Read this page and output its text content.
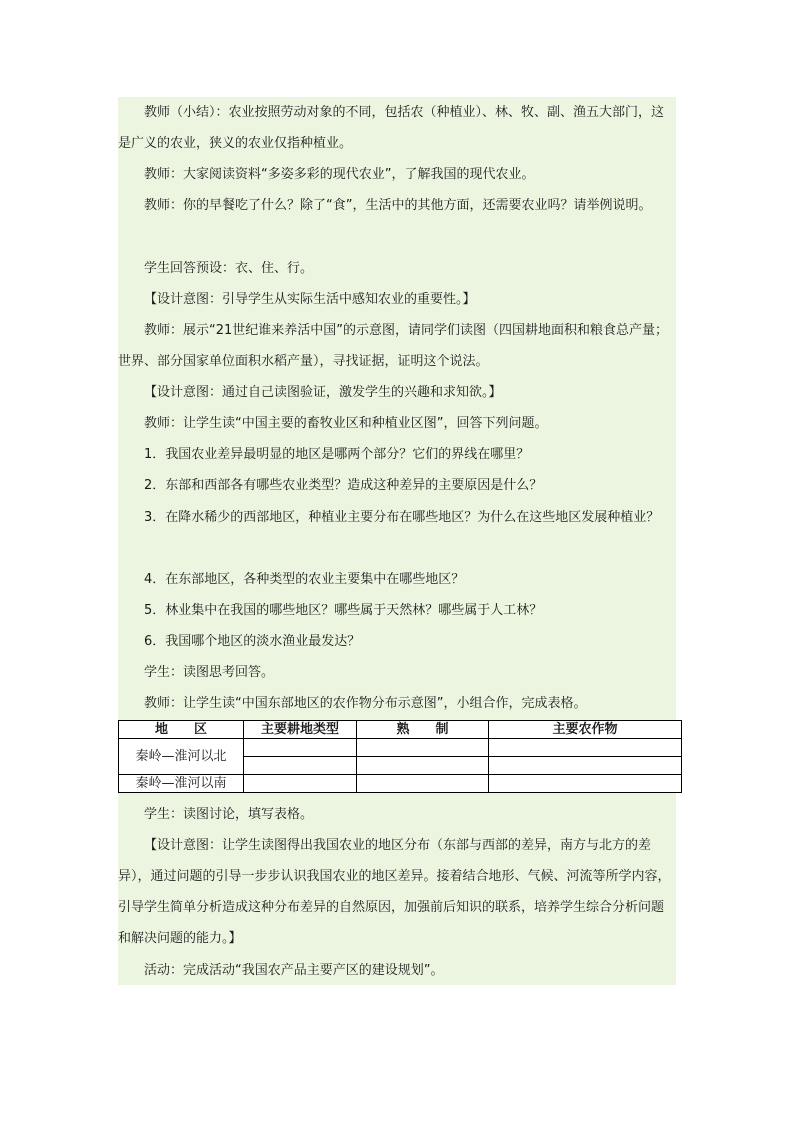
教师（小结）：农业按照劳动对象的不同，包括农（种植业）、林、牧、副、渔五大部门，这是广义的农业，狭义的农业仅指种植业。

教师：大家阅读资料“多姿多彩的现代农业”，了解我国的现代农业。

教师：你的早餐吃了什么？除了“食”，生活中的其他方面，还需要农业吗？请举例说明。

学生回答预设：衣、住、行。

【设计意图：引导学生从实际生活中感知农业的重要性。】

教师：展示“21世纪谁来养活中国”的示意图，请同学们读图（四国耕地面积和粮食总产量；世界、部分国家单位面积水稻产量），寻找证据，证明这个说法。

【设计意图：通过自己读图验证，激发学生的兴趣和求知欲。】

教师：让学生读“中国主要的畜牧业区和种植业区图”，回答下列问题。

1．我国农业差异最明显的地区是哪两个部分？它们的界线在哪里？

2．东部和西部各有哪些农业类型？造成这种差异的主要原因是什么？

3．在降水稀少的西部地区，种植业主要分布在哪些地区？为什么在这些地区发展种植业？

4．在东部地区，各种类型的农业主要集中在哪些地区？

5．林业集中在我国的哪些地区？哪些属于天然林？哪些属于人工林？

6．我国哪个地区的淡水渔业最发达？

学生：读图思考回答。

教师：让学生读“中国东部地区的农作物分布示意图”，小组合作，完成表格。

地　　区	主要耕地类型	熟　　制	主要农作物
秦岭—淮河以北			

秦岭—淮河以南			

学生：读图讨论，填写表格。

【设计意图：让学生读图得出我国农业的地区分布（东部与西部的差异，南方与北方的差异），通过问题的引导一步步认识我国农业的地区差异。接着结合地形、气候、河流等所学内容，引导学生简单分析造成这种分布差异的自然原因，加强前后知识的联系，培养学生综合分析问题和解决问题的能力。】

活动：完成活动“我国农产品主要产区的建设规划”。
